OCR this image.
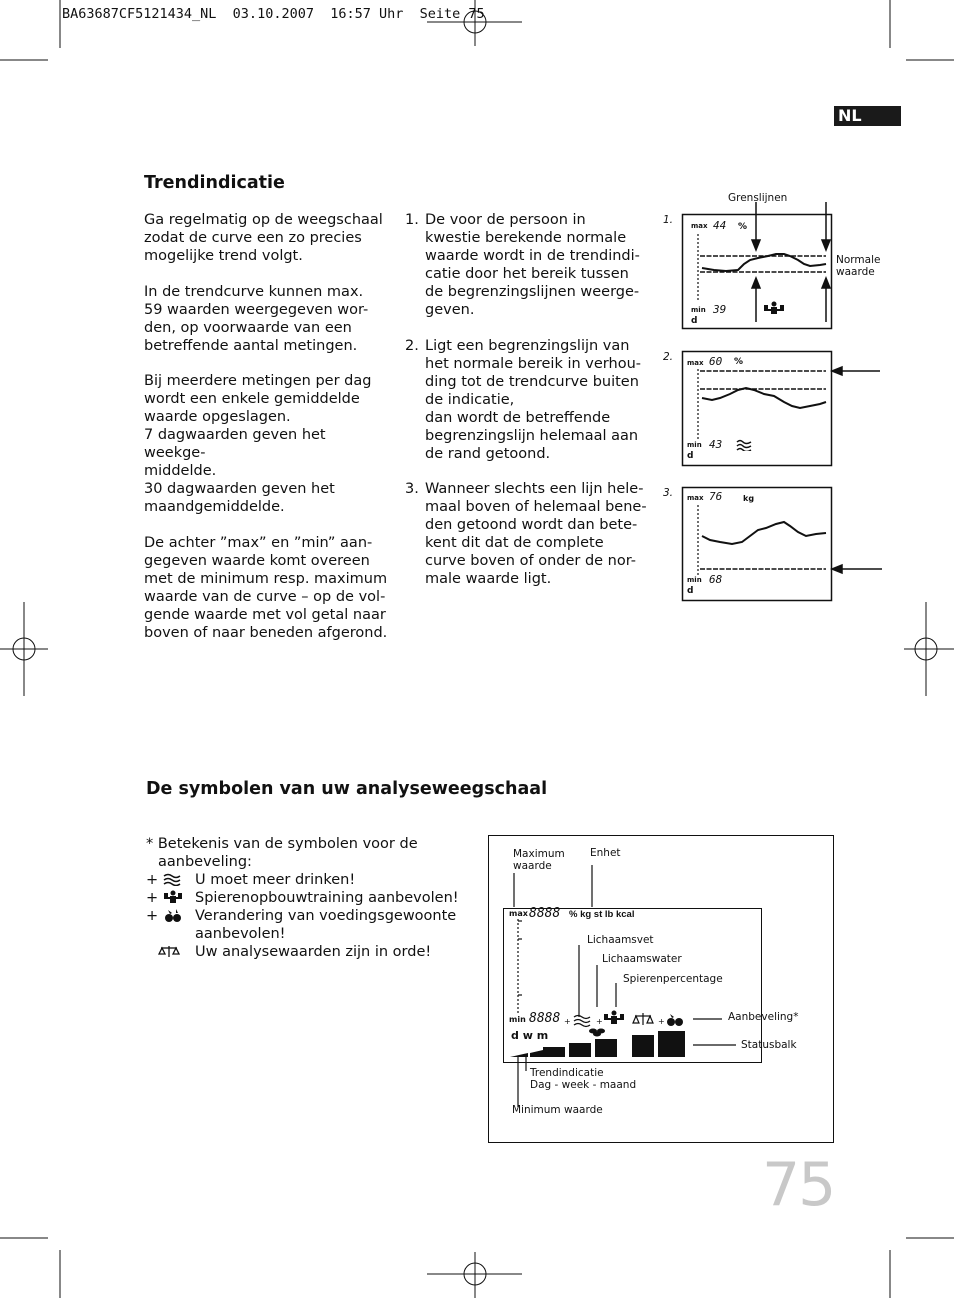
BA63687CF5121434_NL  03.10.2007  16:57 Uhr  Seite 75
NL
Trendindicatie

Ga regelmatig op de weegschaal
zodat de curve een zo precies
mogelijke trend volgt.

In de trendcurve kunnen max.
59 waarden weergegeven wor-
den, op voorwaarde van een
betreffende aantal metingen.

Bij meerdere metingen per dag
wordt een enkele gemiddelde
waarde opgeslagen.
7 dagwaarden geven het weekge-
middelde.
30 dagwaarden geven het
maandgemiddelde.

De achter ”max” en ”min” aan-
gegeven waarde komt overeen
met de minimum resp. maximum
waarde van de curve – op de vol-
gende waarde met vol getal naar
boven of naar beneden afgerond.

1. De voor de persoon in
kwestie berekende normale
waarde wordt in de trendindi-
catie door het bereik tussen
de begrenzingslijnen weerge-
geven.
2. Ligt een begrenzingslijn van
het normale bereik in verhou-
ding tot de trendcurve buiten
de indicatie,
dan wordt de betreffende
begrenzingslijn helemaal aan
de rand getoond.
3. Wanneer slechts een lijn hele-
maal boven of helemaal bene-
den getoond wordt dan bete-
kent dit dat de complete
curve boven of onder de nor-
male waarde ligt.
Grenslijnen
Normale
waarde
1.
2.
3.
max 44 %
min 39
d
max 60 %
min 43
d
max 76	kg
min 68
d
De symbolen van uw analyseweegschaal
* Betekenis van de symbolen voor de
aanbeveling:
+	U moet meer drinken!
+	Spierenopbouwtraining aanbevolen!
+	Verandering van voedingsgewoonte
aanbevolen!
Uw analysewaarden zijn in orde!
Maximum
waarde
Enhet
Lichaamsvet
Lichaamswater
Spierenpercentage
Aanbeveling*
Statusbalk
Trendindicatie
Dag - week - maand
Minimum waarde
max 8888 % kg st lb kcal
min 8888
d w m
+	+	+
75
